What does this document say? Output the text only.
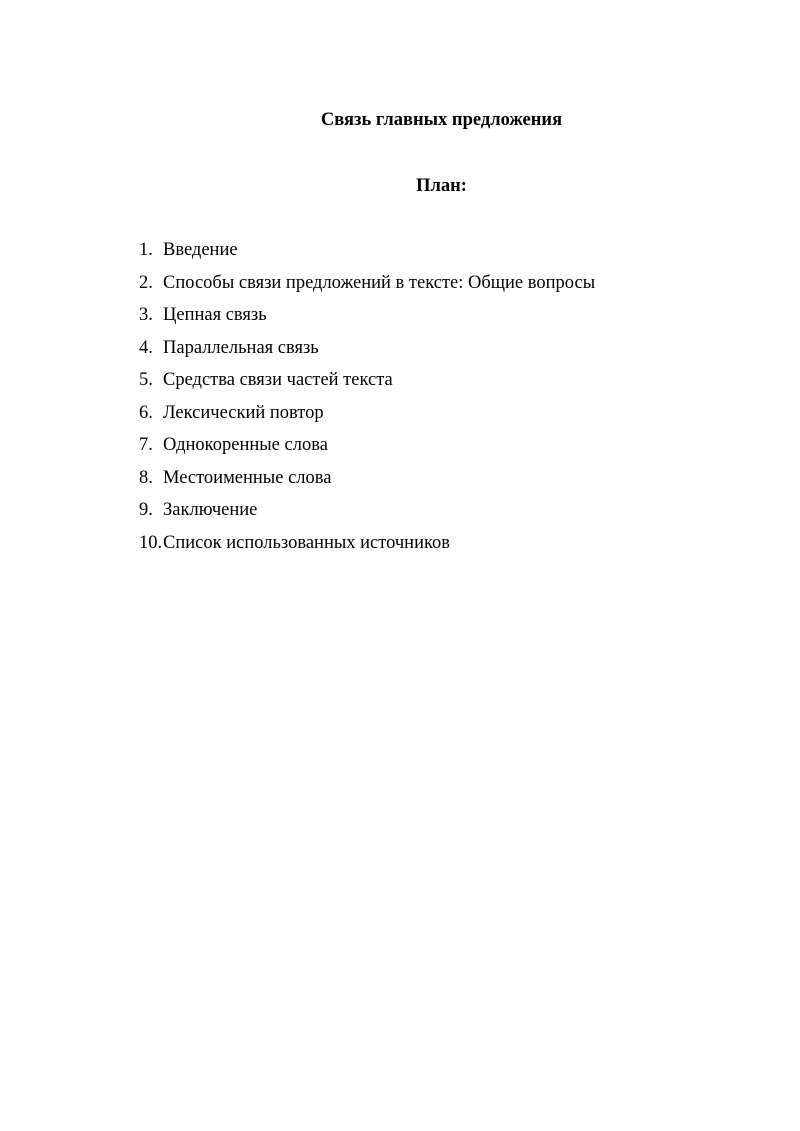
Связь главных предложения
План:
1. Введение
2. Способы связи предложений в тексте: Общие вопросы
3. Цепная связь
4. Параллельная связь
5. Средства связи частей текста
6. Лексический повтор
7. Однокоренные слова
8. Местоименные слова
9. Заключение
10. Список использованных источников
